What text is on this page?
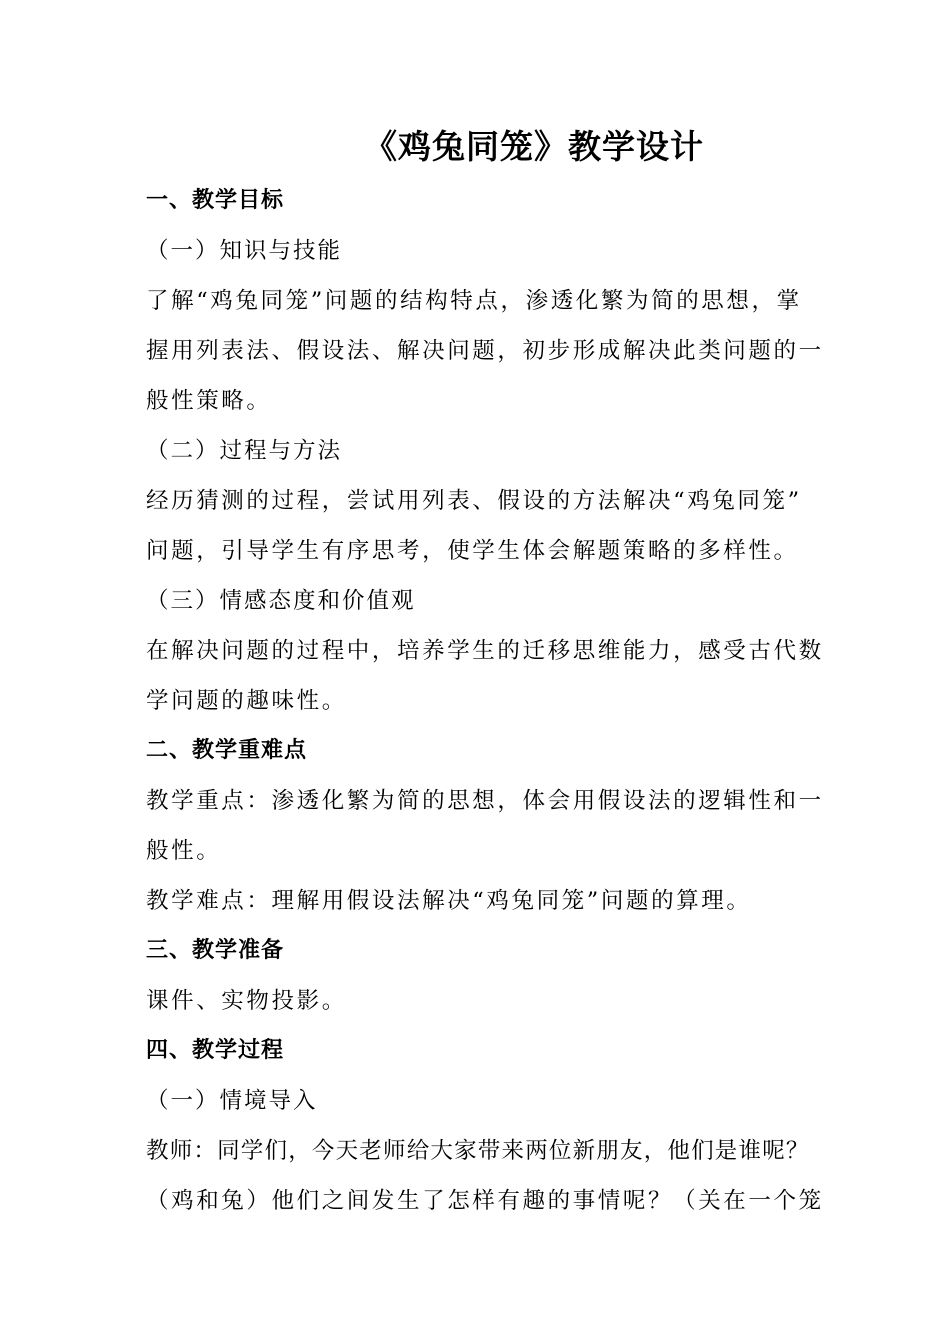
《鸡兔同笼》教学设计
一、教学目标
（一）知识与技能
了解“鸡兔同笼”问题的结构特点，渗透化繁为简的思想，掌
握用列表法、假设法、解决问题，初步形成解决此类问题的一
般性策略。
（二）过程与方法
经历猜测的过程，尝试用列表、假设的方法解决“鸡兔同笼”
问题，引导学生有序思考，使学生体会解题策略的多样性。
（三）情感态度和价值观
在解决问题的过程中，培养学生的迁移思维能力，感受古代数
学问题的趣味性。
二、教学重难点
教学重点：渗透化繁为简的思想，体会用假设法的逻辑性和一
般性。
教学难点：理解用假设法解决“鸡兔同笼”问题的算理。
三、教学准备
课件、实物投影。
四、教学过程
（一）情境导入
教师：同学们，今天老师给大家带来两位新朋友，他们是谁呢？
（鸡和兔）他们之间发生了怎样有趣的事情呢？（关在一个笼
